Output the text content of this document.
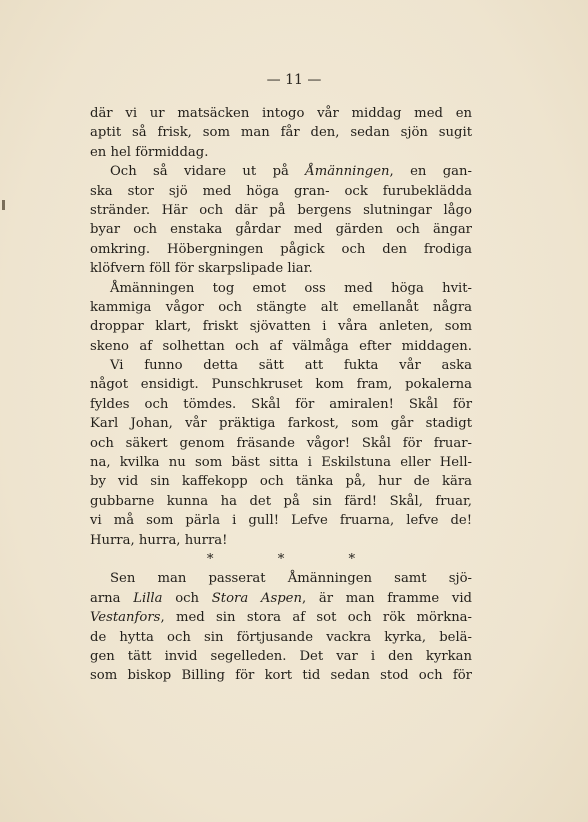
— 11 —
där vi ur matsäcken intogo vår middag med en
aptit så frisk, som man får den, sedan sjön sugit
en hel förmiddag.
Och så vidare ut på Åmänningen, en gan-
ska stor sjö med höga gran- ock furubeklädda
stränder. Här och där på bergens slutningar lågo
byar och enstaka gårdar med gärden och ängar
omkring. Höbergningen pågick och den frodiga
klöfvern föll för skarpslipade liar.
Åmänningen tog emot oss med höga hvit-
kammiga vågor och stängte alt emellanåt några
droppar klart, friskt sjövatten i våra anleten, som
skeno af solhettan och af välmåga efter middagen.
Vi funno detta sätt att fukta vår aska
något ensidigt. Punschkruset kom fram, pokalerna
fyldes och tömdes. Skål för amiralen! Skål för
Karl Johan, vår präktiga farkost, som går stadigt
och säkert genom fräsande vågor! Skål för fruar-
na, kvilka nu som bäst sitta i Eskilstuna eller Hell-
by vid sin kaffekopp och tänka på, hur de kära
gubbarne kunna ha det på sin färd! Skål, fruar,
vi må som pärla i gull! Lefve fruarna, lefve de!
Hurra, hurra, hurra!
* * *
Sen man passerat Åmänningen samt sjö-
arna Lilla och Stora Aspen, är man framme vid
Vestanfors, med sin stora af sot och rök mörkna-
de hytta och sin förtjusande vackra kyrka, belä-
gen tätt invid segelleden. Det var i den kyrkan
som biskop Billing för kort tid sedan stod och för
